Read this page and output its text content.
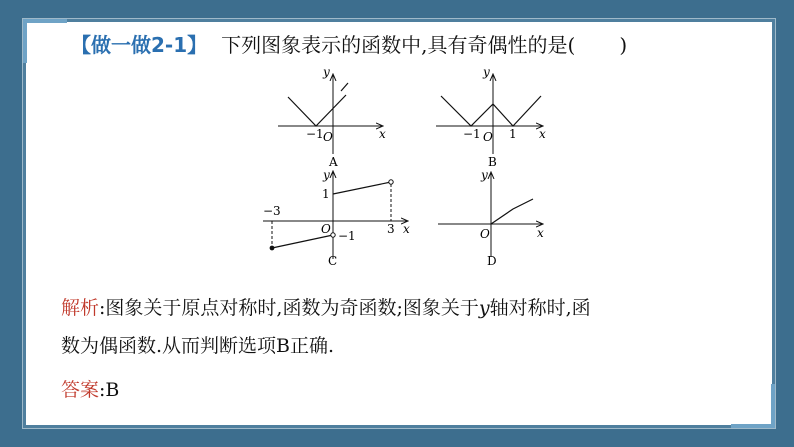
【做一做2-1】 下列图象表示的函数中,具有奇偶性的是( )
y
x
O
−1
A
y
x
O
−1 1
B
y
x
O
−3
3
1
−1
C
y
x
O
D
解析:图象关于原点对称时,函数为奇函数;图象关于y轴对称时,函
数为偶函数.从而判断选项B正确.
答案:B
